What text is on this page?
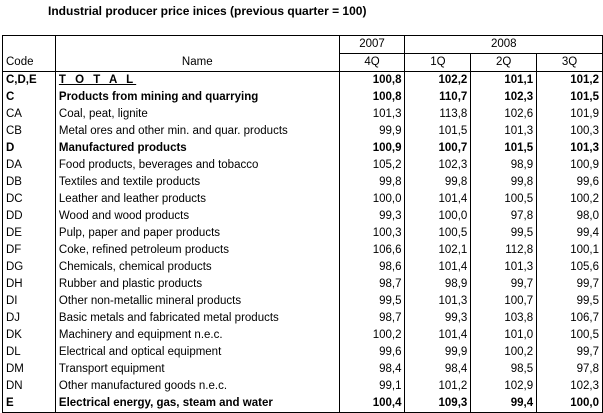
Industrial producer price inices (previous quarter = 100)
		2007	2008		
Code	Name	4Q	1Q	2Q	3Q
C,D,E	T O T A L	100,8	102,2	101,1	101,2
C	Products from mining and quarrying	100,8	110,7	102,3	101,5
CA	Coal, peat, lignite	101,3	113,8	102,6	101,9
CB	Metal ores and other min. and quar. products	99,9	101,5	101,3	100,3
D	Manufactured products	100,9	100,7	101,5	101,3
DA	Food products, beverages and tobacco	105,2	102,3	98,9	100,9
DB	Textiles and textile products	99,8	99,8	99,8	99,6
DC	Leather and leather products	100,0	101,4	100,5	100,2
DD	Wood and wood products	99,3	100,0	97,8	98,0
DE	Pulp, paper and paper products	100,3	100,5	99,5	99,4
DF	Coke, refined petroleum products	106,6	102,1	112,8	100,1
DG	Chemicals, chemical products	98,6	101,4	101,3	105,6
DH	Rubber and plastic products	98,7	98,9	99,7	99,7
DI	Other non-metallic mineral products	99,5	101,3	100,7	99,5
DJ	Basic metals and fabricated metal products	98,7	99,3	103,8	106,7
DK	Machinery and equipment n.e.c.	100,2	101,4	101,0	100,5
DL	Electrical and optical equipment	99,6	99,9	100,2	99,7
DM	Transport equipment	98,4	98,4	98,5	97,8
DN	Other manufactured goods n.e.c.	99,1	101,2	102,9	102,3
E	Electrical energy, gas, steam and water	100,4	109,3	99,4	100,0
